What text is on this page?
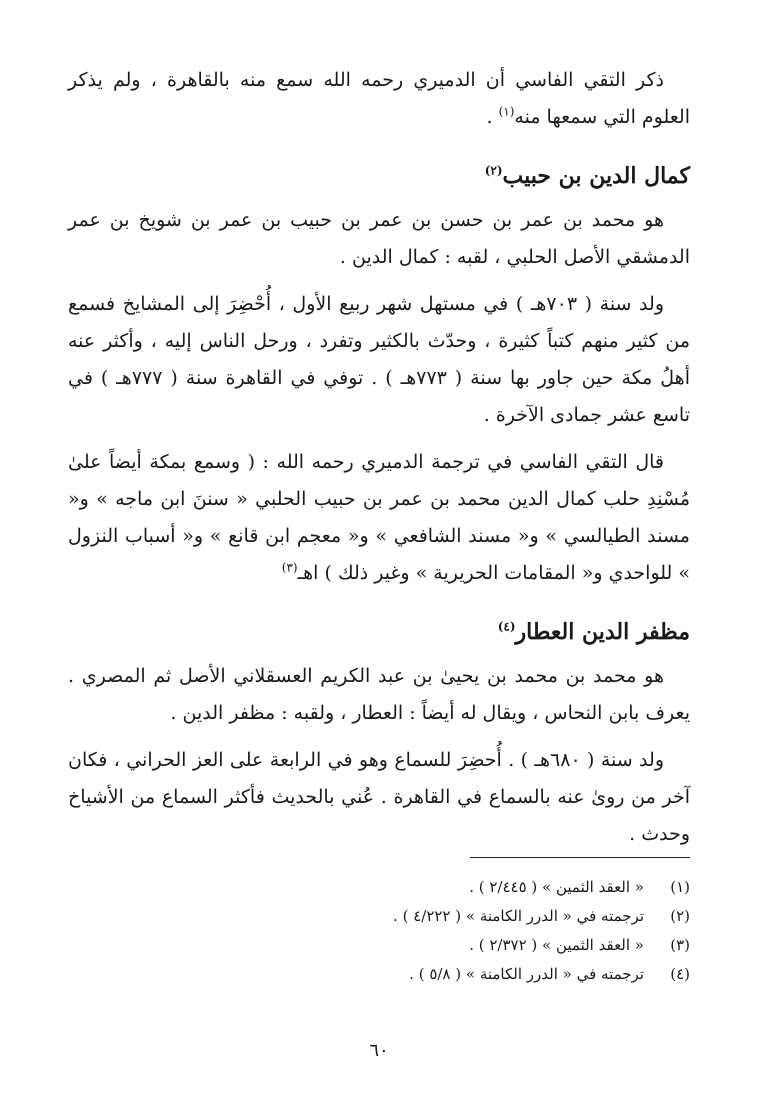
ذكر التقي الفاسي أن الدميري رحمه الله سمع منه بالقاهرة ، ولم يذكر العلوم التي سمعها منه$^{(١)}$ .

كمال الدين بن حبيب$^{(٢)}$

هو محمد بن عمر بن حسن بن عمر بن حبيب بن عمر بن شويخ بن عمر الدمشقي الأصل الحلبي ، لقبه : كمال الدين .

ولد سنة ( ٧٠٣هـ ) في مستهل شهر ربيع الأول ، أُحْضِرَ إلى المشايخ فسمع من كثير منهم كتباً كثيرة ، وحدّث بالكثير وتفرد ، ورحل الناس إليه ، وأكثر عنه أهلُ مكة حين جاور بها سنة ( ٧٧٣هـ ) . توفي في القاهرة سنة ( ٧٧٧هـ ) في تاسع عشر جمادى الآخرة .

قال التقي الفاسي في ترجمة الدميري رحمه الله : ( وسمع بمكة أيضاً علىٰ مُسْنِدِ حلب كمال الدين محمد بن عمر بن حبيب الحلبي « سننَ ابن ماجه » و« مسند الطيالسي » و« مسند الشافعي » و« معجم ابن قانع » و« أسباب النزول » للواحدي و« المقامات الحريرية » وغير ذلك ) اهـ$^{(٣)}$

مظفر الدين العطار$^{(٤)}$

هو محمد بن محمد بن يحيىٰ بن عبد الكريم العسقلاني الأصل ثم المصري . يعرف بابن النحاس ، ويقال له أيضاً : العطار ، ولقبه : مظفر الدين .

ولد سنة ( ٦٨٠هـ ) . أُحضِرَ للسماع وهو في الرابعة على العز الحراني ، فكان آخر من روىٰ عنه بالسماع في القاهرة . عُني بالحديث فأكثر السماع من الأشياخ وحدث .

(١)
« العقد الثمين » ( ٢/٤٤٥ ) .
(٢)
ترجمته في « الدرر الكامنة » ( ٤/٢٢٢ ) .
(٣)
« العقد الثمين » ( ٢/٣٧٢ ) .
(٤)
ترجمته في « الدرر الكامنة » ( ٥/٨ ) .
٦٠
